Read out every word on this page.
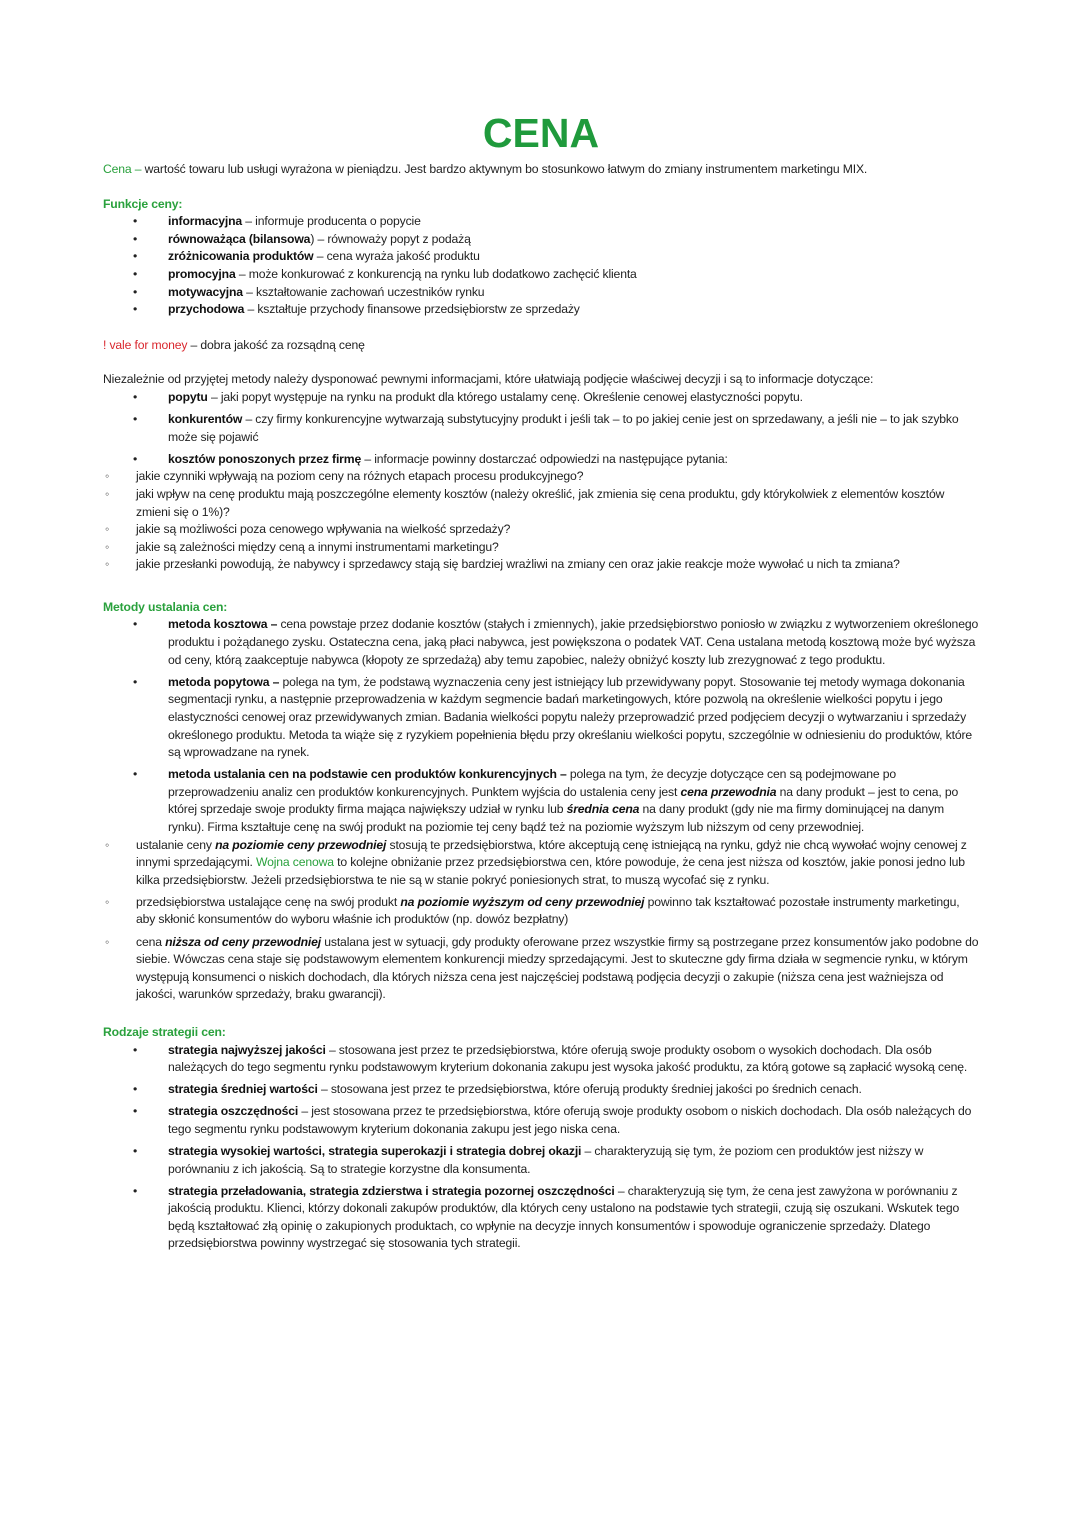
CENA

Cena – wartość towaru lub usługi wyrażona w pieniądzu. Jest bardzo aktywnym bo stosunkowo łatwym do zmiany instrumentem marketingu MIX.

Funkcje ceny:

• informacyjna – informuje producenta o popycie
• równoważąca (bilansowa) – równoważy popyt z podażą
• zróżnicowania produktów – cena wyraża jakość produktu
• promocyjna – może konkurować z konkurencją na rynku lub dodatkowo zachęcić klienta
• motywacyjna – kształtowanie zachowań uczestników rynku
• przychodowa – kształtuje przychody finansowe przedsiębiorstw ze sprzedaży

! vale for money – dobra jakość za rozsądną cenę

Niezależnie od przyjętej metody należy dysponować pewnymi informacjami, które ułatwiają podjęcie właściwej decyzji i są to informacje dotyczące:

• popytu – jaki popyt występuje na rynku na produkt dla którego ustalamy cenę. Określenie cenowej elastyczności popytu.
• konkurentów – czy firmy konkurencyjne wytwarzają substytucyjny produkt i jeśli tak – to po jakiej cenie jest on sprzedawany, a jeśli nie – to jak szybko może się pojawić
• kosztów ponoszonych przez firmę – informacje powinny dostarczać odpowiedzi na następujące pytania:
◦ jakie czynniki wpływają na poziom ceny na różnych etapach procesu produkcyjnego?
◦ jaki wpływ na cenę produktu mają poszczególne elementy kosztów (należy określić, jak zmienia się cena produktu, gdy którykolwiek z elementów kosztów zmieni się o 1%)?
◦ jakie są możliwości poza cenowego wpływania na wielkość sprzedaży?
◦ jakie są zależności między ceną a innymi instrumentami marketingu?
◦ jakie przesłanki powodują, że nabywcy i sprzedawcy stają się bardziej wrażliwi na zmiany cen oraz jakie reakcje może wywołać u nich ta zmiana?

Metody ustalania cen:

• metoda kosztowa – cena powstaje przez dodanie kosztów (stałych i zmiennych), jakie przedsiębiorstwo poniosło w związku z wytworzeniem określonego produktu i pożądanego zysku. Ostateczna cena, jaką płaci nabywca, jest powiększona o podatek VAT. Cena ustalana metodą kosztową może być wyższa od ceny, którą zaakceptuje nabywca (kłopoty ze sprzedażą) aby temu zapobiec, należy obniżyć koszty lub zrezygnować z tego produktu.
• metoda popytowa – polega na tym, że podstawą wyznaczenia ceny jest istniejący lub przewidywany popyt. Stosowanie tej metody wymaga dokonania segmentacji rynku, a następnie przeprowadzenia w każdym segmencie badań marketingowych, które pozwolą na określenie wielkości popytu i jego elastyczności cenowej oraz przewidywanych zmian. Badania wielkości popytu należy przeprowadzić przed podjęciem decyzji o wytwarzaniu i sprzedaży określonego produktu. Metoda ta wiąże się z ryzykiem popełnienia błędu przy określaniu wielkości popytu, szczególnie w odniesieniu do produktów, które są wprowadzane na rynek.
• metoda ustalania cen na podstawie cen produktów konkurencyjnych – polega na tym, że decyzje dotyczące cen są podejmowane po przeprowadzeniu analiz cen produktów konkurencyjnych. Punktem wyjścia do ustalenia ceny jest cena przewodnia na dany produkt – jest to cena, po której sprzedaje swoje produkty firma mająca największy udział w rynku lub średnia cena na dany produkt (gdy nie ma firmy dominującej na danym rynku). Firma kształtuje cenę na swój produkt na poziomie tej ceny bądź też na poziomie wyższym lub niższym od ceny przewodniej.
◦ ustalanie ceny na poziomie ceny przewodniej stosują te przedsiębiorstwa, które akceptują cenę istniejącą na rynku, gdyż nie chcą wywołać wojny cenowej z innymi sprzedającymi. Wojna cenowa to kolejne obniżanie przez przedsiębiorstwa cen, które powoduje, że cena jest niższa od kosztów, jakie ponosi jedno lub kilka przedsiębiorstw. Jeżeli przedsiębiorstwa te nie są w stanie pokryć poniesionych strat, to muszą wycofać się z rynku.
◦ przedsiębiorstwa ustalające cenę na swój produkt na poziomie wyższym od ceny przewodniej powinno tak kształtować pozostałe instrumenty marketingu, aby skłonić konsumentów do wyboru właśnie ich produktów (np. dowóz bezpłatny)
◦ cena niższa od ceny przewodniej ustalana jest w sytuacji, gdy produkty oferowane przez wszystkie firmy są postrzegane przez konsumentów jako podobne do siebie. Wówczas cena staje się podstawowym elementem konkurencji miedzy sprzedającymi. Jest to skuteczne gdy firma działa w segmencie rynku, w którym występują konsumenci o niskich dochodach, dla których niższa cena jest najczęściej podstawą podjęcia decyzji o zakupie (niższa cena jest ważniejsza od jakości, warunków sprzedaży, braku gwarancji).

Rodzaje strategii cen:

• strategia najwyższej jakości – stosowana jest przez te przedsiębiorstwa, które oferują swoje produkty osobom o wysokich dochodach. Dla osób należących do tego segmentu rynku podstawowym kryterium dokonania zakupu jest wysoka jakość produktu, za którą gotowe są zapłacić wysoką cenę.
• strategia średniej wartości – stosowana jest przez te przedsiębiorstwa, które oferują produkty średniej jakości po średnich cenach.
• strategia oszczędności – jest stosowana przez te przedsiębiorstwa, które oferują swoje produkty osobom o niskich dochodach. Dla osób należących do tego segmentu rynku podstawowym kryterium dokonania zakupu jest jego niska cena.
• strategia wysokiej wartości, strategia superokazji i strategia dobrej okazji – charakteryzują się tym, że poziom cen produktów jest niższy w porównaniu z ich jakością. Są to strategie korzystne dla konsumenta.
• strategia przeładowania, strategia zdzierstwa i strategia pozornej oszczędności – charakteryzują się tym, że cena jest zawyżona w porównaniu z jakością produktu. Klienci, którzy dokonali zakupów produktów, dla których ceny ustalono na podstawie tych strategii, czują się oszukani. Wskutek tego będą kształtować złą opinię o zakupionych produktach, co wpłynie na decyzje innych konsumentów i spowoduje ograniczenie sprzedaży. Dlatego przedsiębiorstwa powinny wystrzegać się stosowania tych strategii.
